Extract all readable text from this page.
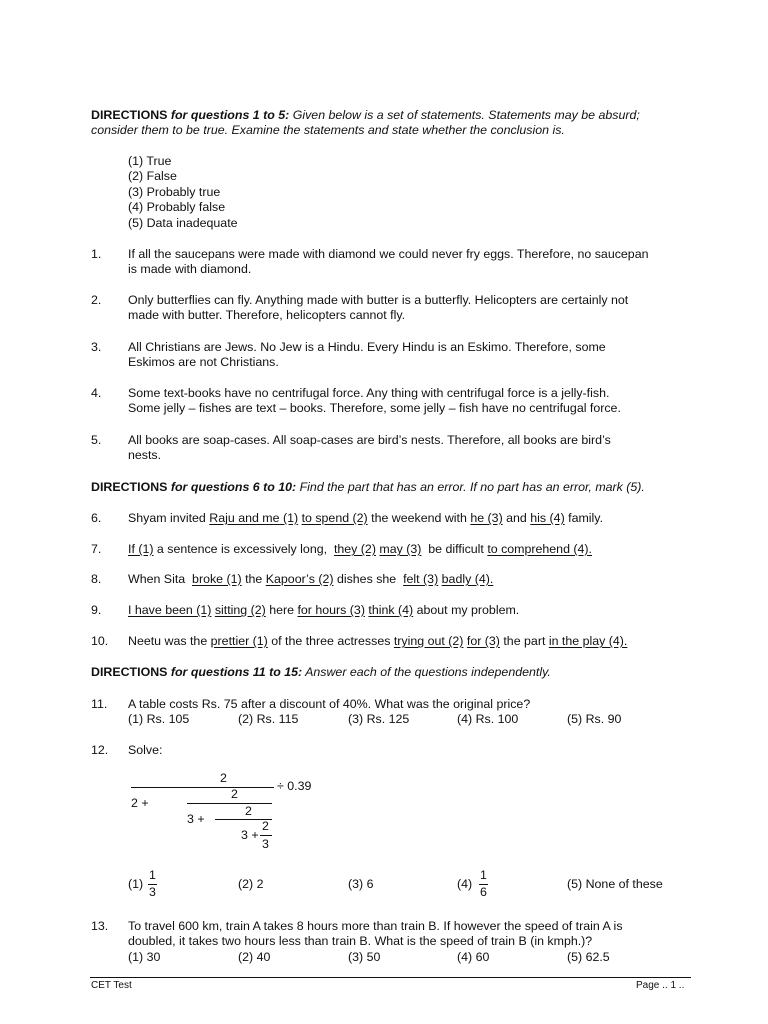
DIRECTIONS for questions 1 to 5: Given below is a set of statements. Statements may be absurd;
consider them to be true. Examine the statements and state whether the conclusion is.
(1) True
(2) False
(3) Probably true
(4) Probably false
(5) Data inadequate
1. If all the saucepans were made with diamond we could never fry eggs. Therefore, no saucepan
is made with diamond.
2. Only butterflies can fly. Anything made with butter is a butterfly. Helicopters are certainly not
made with butter. Therefore, helicopters cannot fly.
3. All Christians are Jews. No Jew is a Hindu. Every Hindu is an Eskimo. Therefore, some
Eskimos are not Christians.
4. Some text-books have no centrifugal force. Any thing with centrifugal force is a jelly-fish.
Some jelly – fishes are text – books. Therefore, some jelly – fish have no centrifugal force.
5. All books are soap-cases. All soap-cases are bird’s nests. Therefore, all books are bird’s
nests.
DIRECTIONS for questions 6 to 10: Find the part that has an error. If no part has an error, mark (5).
6. Shyam invited Raju and me (1) to spend (2) the weekend with he (3) and his (4) family.
7. If (1) a sentence is excessively long,  they (2) may (3)  be difficult to comprehend (4).
8. When Sita  broke (1) the Kapoor’s (2) dishes she  felt (3) badly (4).
9. I have been (1) sitting (2) here for hours (3) think (4) about my problem.
10. Neetu was the prettier (1) of the three actresses trying out (2) for (3) the part in the play (4).
DIRECTIONS for questions 11 to 15: Answer each of the questions independently.
11. A table costs Rs. 75 after a discount of 40%. What was the original price?
(1) Rs. 105	(2) Rs. 115	(3) Rs. 125	(4) Rs. 100	(5) Rs. 90
12. Solve:
2
÷ 0.39
2
2 +
2
3 +
3 +
2
3
(1)
1
3
(2) 2	(3) 6	(4)
1
6
(5) None of these
13. To travel 600 km, train A takes 8 hours more than train B. If however the speed of train A is
doubled, it takes two hours less than train B. What is the speed of train B (in kmph.)?
(1) 30	(2) 40	(3) 50	(4) 60	(5) 62.5
CET Test	Page .. 1 ..
